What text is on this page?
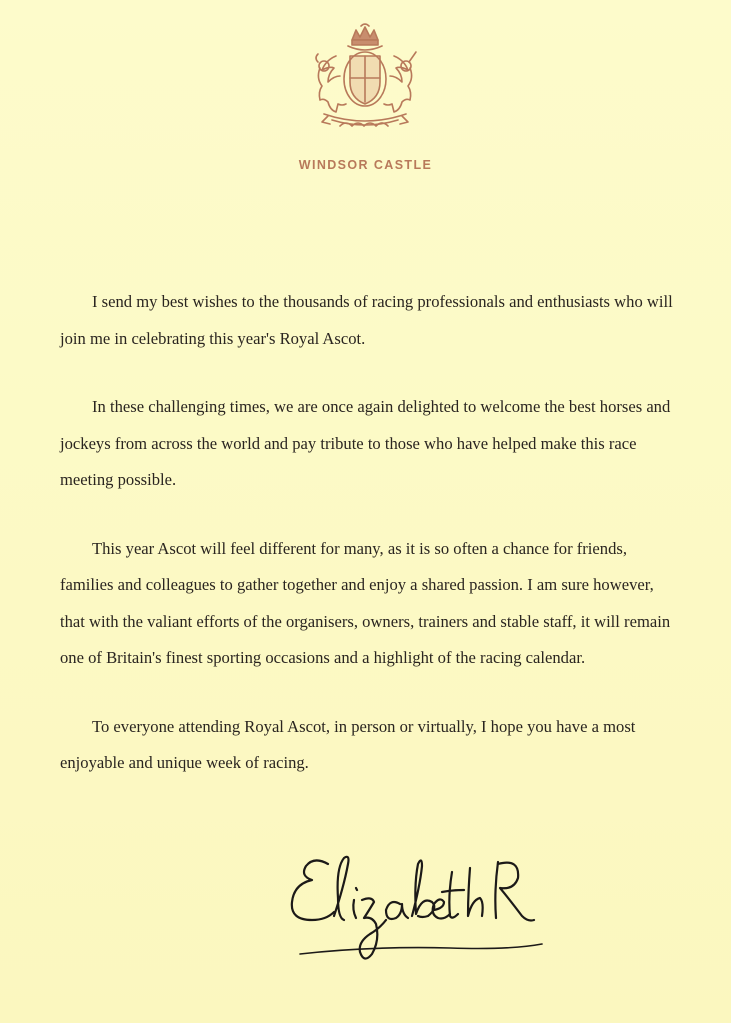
WINDSOR CASTLE

I send my best wishes to the thousands of racing professionals and enthusiasts who will join me in celebrating this year's Royal Ascot.

In these challenging times, we are once again delighted to welcome the best horses and jockeys from across the world and pay tribute to those who have helped make this race meeting possible.

This year Ascot will feel different for many, as it is so often a chance for friends, families and colleagues to gather together and enjoy a shared passion. I am sure however, that with the valiant efforts of the organisers, owners, trainers and stable staff, it will remain one of Britain's finest sporting occasions and a highlight of the racing calendar.

To everyone attending Royal Ascot, in person or virtually, I hope you have a most enjoyable and unique week of racing.
